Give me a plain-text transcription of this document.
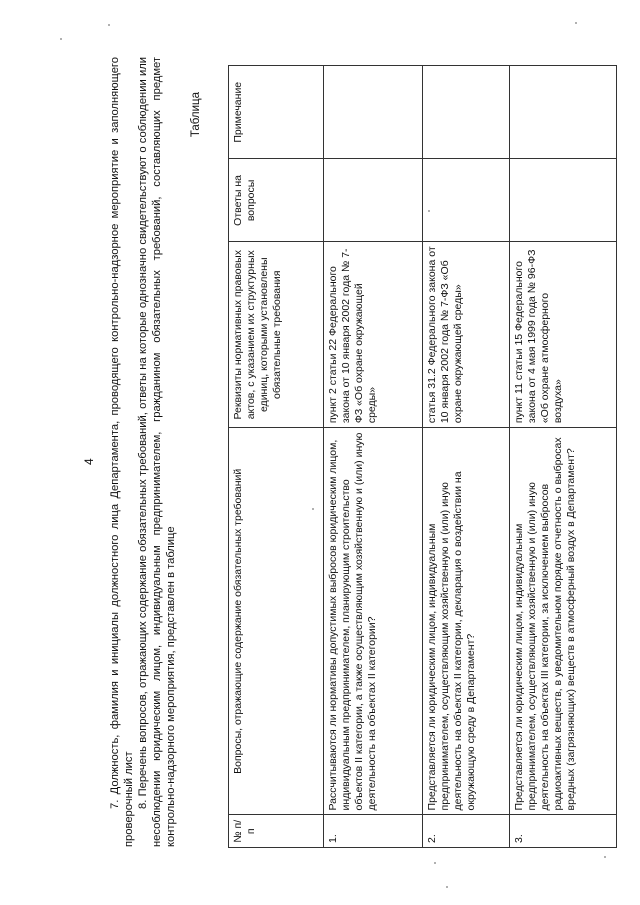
4 7. Должность, фамилия и инициалы должностного лица Департамента, проводящего контрольно-надзорное мероприятие и заполняющего проверочный лист 8. Перечень вопросов, отражающих содержание обязательных требований, ответы на которые однозначно свидетельствуют о соблюдении или несоблюдении юридическим лицом, индивидуальным предпринимателем, гражданином обязательных требований, составляющих предмет контрольно-надзорного мероприятия, представлен в таблице
Таблица
№ п/п	Вопросы, отражающие содержание обязательных требований	Реквизиты нормативных правовых актов, с указанием их структурных единиц, которыми установлены обязательные требования	Ответы на вопросы	Примечание
1.	Рассчитываются ли нормативы допустимых выбросов юридическим лицом, индивидуальным предпринимателем, планирующим строительство объектов II категории, а также осуществляющим хозяйственную и (или) иную деятельность на объектах II категории?	пункт 2 статьи 22 Федерального закона от 10 января 2002 года № 7-ФЗ «Об охране окружающей среды»		
2.	Представляется ли юридическим лицом, индивидуальным предпринимателем, осуществляющим хозяйственную и (или) иную деятельность на объектах II категории, декларация о воздействии на окружающую среду в Департамент?	статья 31.2 Федерального закона от 10 января 2002 года № 7-ФЗ «Об охране окружающей среды»		
3.	Представляется ли юридическим лицом, индивидуальным предпринимателем, осуществляющим хозяйственную и (или) иную деятельность на объектах III категории, за исключением выбросов радиоактивных веществ, в уведомительном порядке отчетность о выбросах вредных (загрязняющих) веществ в атмосферный воздух в Департамент?	пункт 11 статьи 15 Федерального закона от 4 мая 1999 года № 96-ФЗ «Об охране атмосферного воздуха»		
